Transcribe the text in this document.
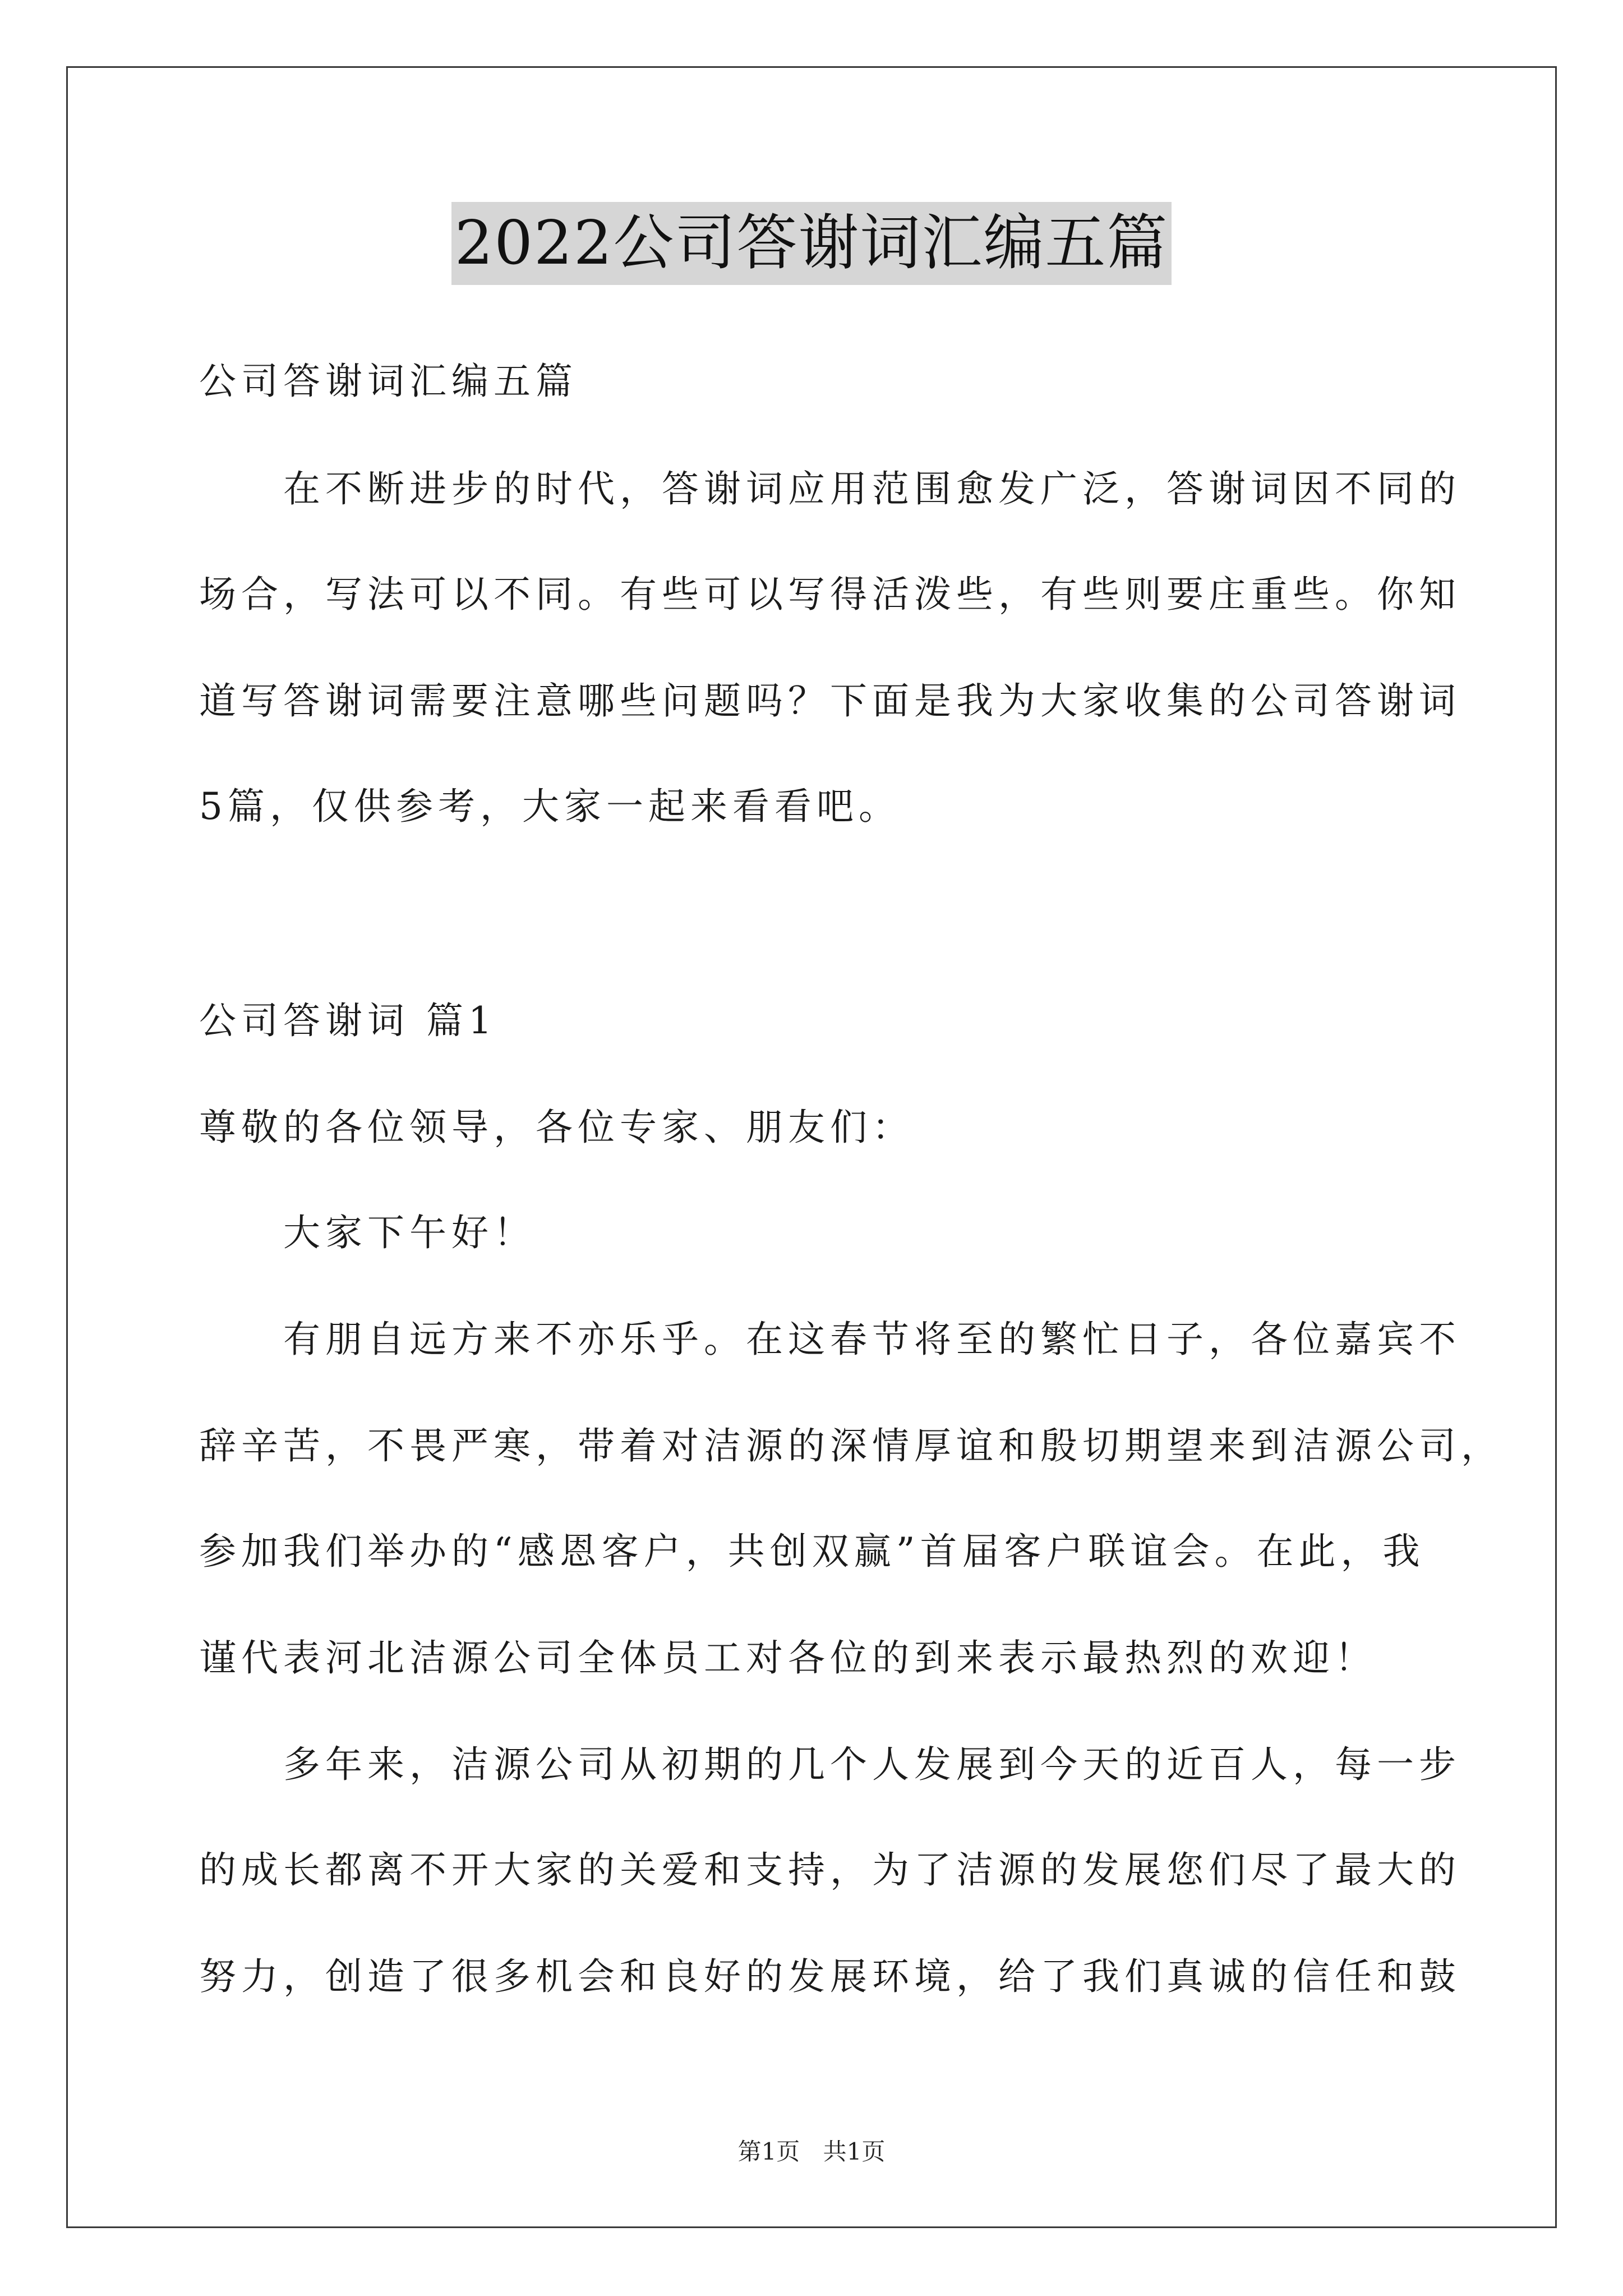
2022公司答谢词汇编五篇
公司答谢词汇编五篇
在不断进步的时代，答谢词应用范围愈发广泛，答谢词因不同的
场合，写法可以不同。有些可以写得活泼些，有些则要庄重些。你知
道写答谢词需要注意哪些问题吗？下面是我为大家收集的公司答谢词
5篇，仅供参考，大家一起来看看吧。
公司答谢词 篇1
尊敬的各位领导，各位专家、朋友们：
大家下午好！
有朋自远方来不亦乐乎。在这春节将至的繁忙日子，各位嘉宾不
辞辛苦，不畏严寒，带着对洁源的深情厚谊和殷切期望来到洁源公司，
参加我们举办的“感恩客户，共创双赢”首届客户联谊会。在此，我
谨代表河北洁源公司全体员工对各位的到来表示最热烈的欢迎！
多年来，洁源公司从初期的几个人发展到今天的近百人，每一步
的成长都离不开大家的关爱和支持，为了洁源的发展您们尽了最大的
努力，创造了很多机会和良好的发展环境，给了我们真诚的信任和鼓
第1页 共1页
